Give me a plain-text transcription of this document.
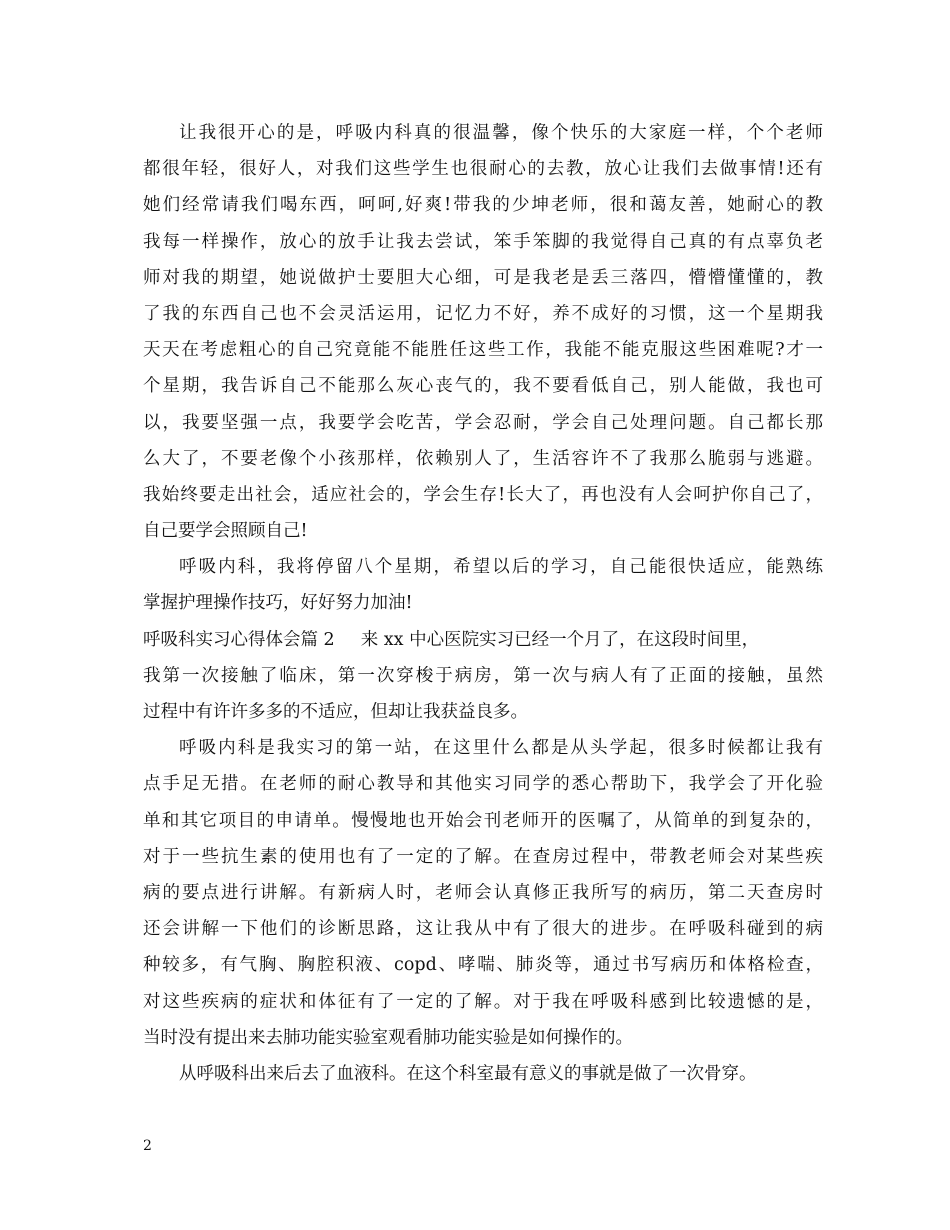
让我很开心的是，呼吸内科真的很温馨，像个快乐的大家庭一样，个个老师
都很年轻，很好人，对我们这些学生也很耐心的去教，放心让我们去做事情!还有
她们经常请我们喝东西，呵呵,好爽!带我的少坤老师，很和蔼友善，她耐心的教
我每一样操作，放心的放手让我去尝试，笨手笨脚的我觉得自己真的有点辜负老
师对我的期望，她说做护士要胆大心细，可是我老是丢三落四，懵懵懂懂的，教
了我的东西自己也不会灵活运用，记忆力不好，养不成好的习惯，这一个星期我
天天在考虑粗心的自己究竟能不能胜任这些工作，我能不能克服这些困难呢?才一
个星期，我告诉自己不能那么灰心丧气的，我不要看低自己，别人能做，我也可
以，我要坚强一点，我要学会吃苦，学会忍耐，学会自己处理问题。自己都长那
么大了，不要老像个小孩那样，依赖别人了，生活容许不了我那么脆弱与逃避。
我始终要走出社会，适应社会的，学会生存!长大了，再也没有人会呵护你自己了，
自己要学会照顾自己!
呼吸内科，我将停留八个星期，希望以后的学习，自己能很快适应，能熟练
掌握护理操作技巧，好好努力加油!
呼吸科实习心得体会篇 2 来 xx 中心医院实习已经一个月了，在这段时间里，
我第一次接触了临床，第一次穿梭于病房，第一次与病人有了正面的接触，虽然
过程中有许许多多的不适应，但却让我获益良多。
呼吸内科是我实习的第一站，在这里什么都是从头学起，很多时候都让我有
点手足无措。在老师的耐心教导和其他实习同学的悉心帮助下，我学会了开化验
单和其它项目的申请单。慢慢地也开始会刊老师开的医嘱了，从简单的到复杂的，
对于一些抗生素的使用也有了一定的了解。在查房过程中，带教老师会对某些疾
病的要点进行讲解。有新病人时，老师会认真修正我所写的病历，第二天查房时
还会讲解一下他们的诊断思路，这让我从中有了很大的进步。在呼吸科碰到的病
种较多，有气胸、胸腔积液、copd、哮喘、肺炎等，通过书写病历和体格检查，
对这些疾病的症状和体征有了一定的了解。对于我在呼吸科感到比较遗憾的是，
当时没有提出来去肺功能实验室观看肺功能实验是如何操作的。
从呼吸科出来后去了血液科。在这个科室最有意义的事就是做了一次骨穿。
2
